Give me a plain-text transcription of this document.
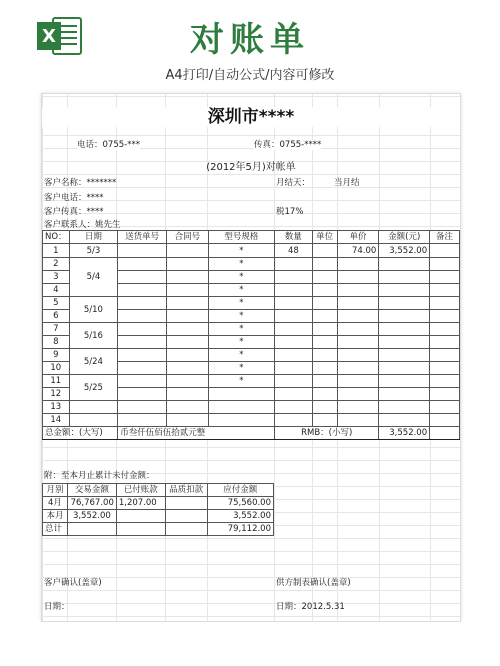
X	对账单
A4打印/自动公式/内容可修改
深圳市****
电话：0755-***	传真：0755-****
(2012年5月)对帐单
客户名称：*******	月结天：	当月结
客户电话：****
客户传真：****	税17%
客户联系人：姚先生
NO：	日期	送货单号	合同号	型号规格	数量	单位	单价	金额(元)	备注
1	5/3			*	48		74.00	3,552.00	
2	5/4			*					
3				*					
4				*					
5	5/10			*					
6				*					
7	5/16			*					
8				*					
9	5/24			*					
10				*					
11	5/25			*					
12									
13									
14									
总金额：(大写)		币叁仟伍佰伍拾贰元整			RMB：(小写)			3,552.00	
附：至本月止累计未付金额：
月别	交易金额	已付账款	品质扣款	应付金额
4月	76,767.00	1,207.00		75,560.00
本月	3,552.00			3,552.00
总计				79,112.00
客户确认(盖章)	供方制表确认(盖章)
日期：	日期：2012.5.31
